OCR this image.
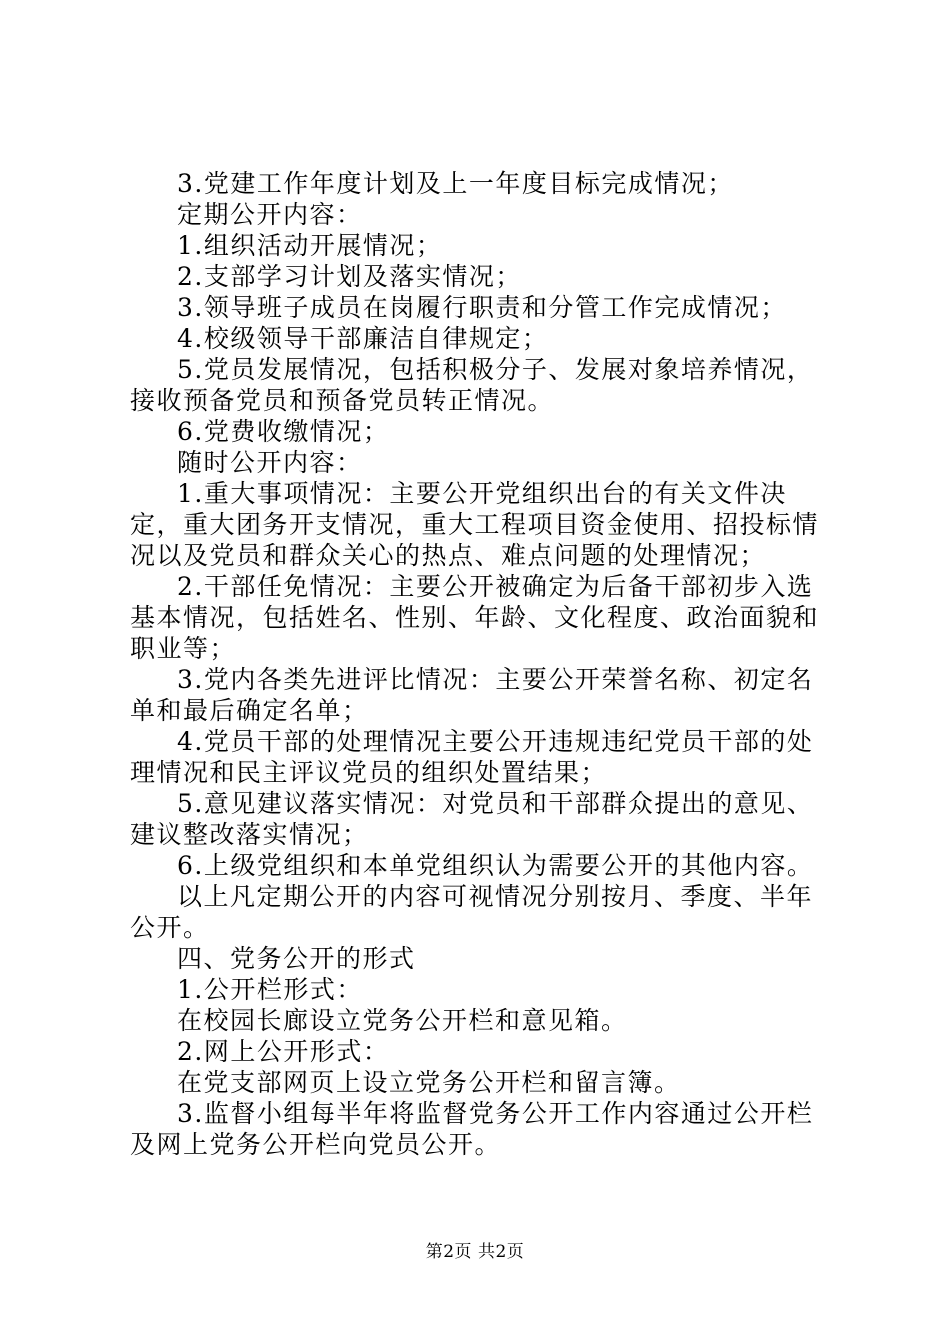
3.党建工作年度计划及上一年度目标完成情况；

定期公开内容：

1.组织活动开展情况；

2.支部学习计划及落实情况；

3.领导班子成员在岗履行职责和分管工作完成情况；

4.校级领导干部廉洁自律规定；

5.党员发展情况，包括积极分子、发展对象培养情况，接收预备党员和预备党员转正情况。

6.党费收缴情况；

随时公开内容：

1.重大事项情况：主要公开党组织出台的有关文件决定，重大团务开支情况，重大工程项目资金使用、招投标情况以及党员和群众关心的热点、难点问题的处理情况；

2.干部任免情况：主要公开被确定为后备干部初步入选基本情况，包括姓名、性别、年龄、文化程度、政治面貌和职业等；

3.党内各类先进评比情况：主要公开荣誉名称、初定名单和最后确定名单；

4.党员干部的处理情况主要公开违规违纪党员干部的处理情况和民主评议党员的组织处置结果；

5.意见建议落实情况：对党员和干部群众提出的意见、建议整改落实情况；

6.上级党组织和本单党组织认为需要公开的其他内容。

以上凡定期公开的内容可视情况分别按月、季度、半年公开。

四、党务公开的形式

1.公开栏形式：

在校园长廊设立党务公开栏和意见箱。

2.网上公开形式：

在党支部网页上设立党务公开栏和留言簿。

3.监督小组每半年将监督党务公开工作内容通过公开栏及网上党务公开栏向党员公开。

第2页 共2页
